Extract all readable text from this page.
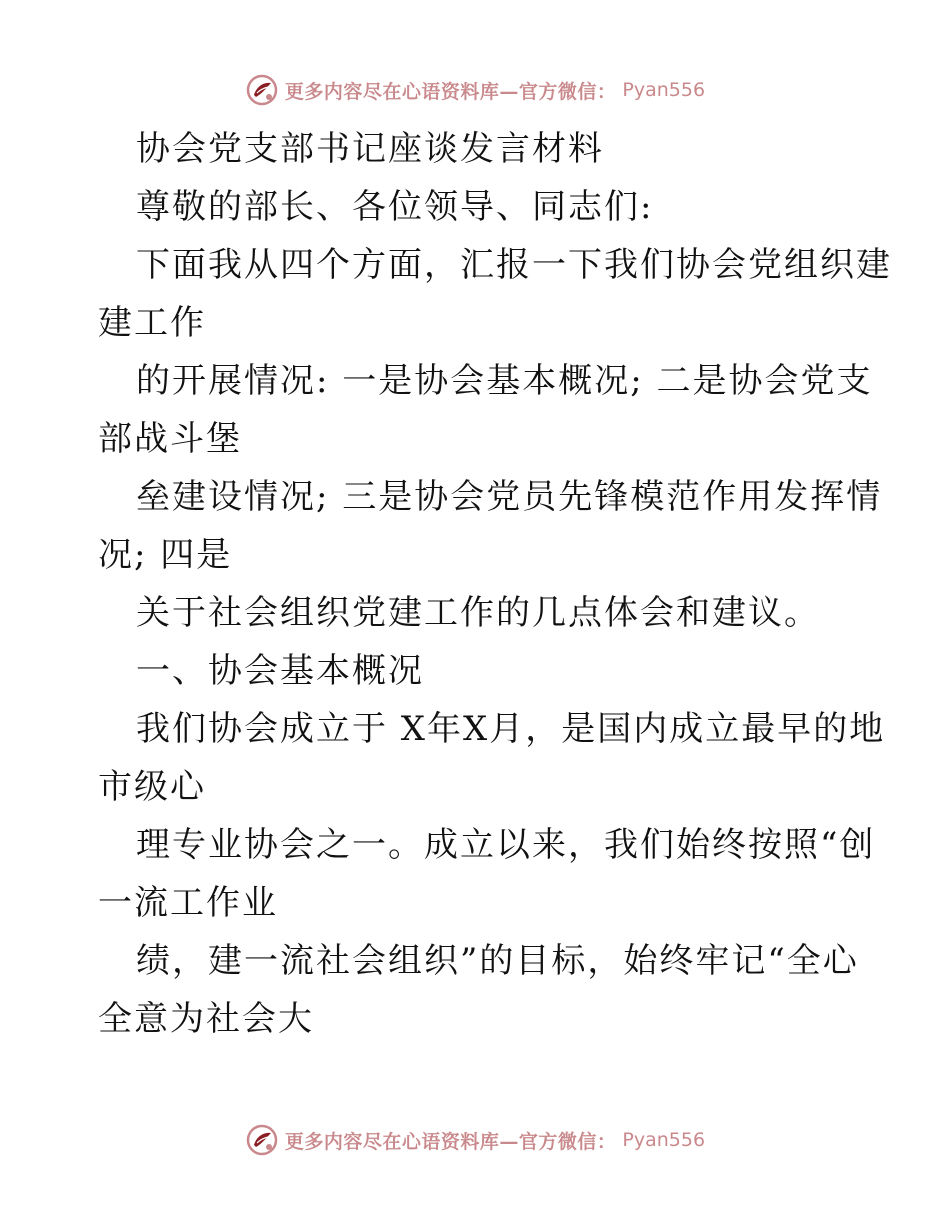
更多内容尽在心语资料库—官方微信： Pyan556
协会党支部书记座谈发言材料
尊敬的部长、各位领导、同志们:
下面我从四个方面，汇报一下我们协会党组织建
建工作
的开展情况: 一是协会基本概况; 二是协会党支
部战斗堡
垒建设情况; 三是协会党员先锋模范作用发挥情
况; 四是
关于社会组织党建工作的几点体会和建议。
一、协会基本概况
我们协会成立于 X年X月，是国内成立最早的地
市级心
理专业协会之一。成立以来，我们始终按照“创
一流工作业
绩，建一流社会组织”的目标，始终牢记“全心
全意为社会大
更多内容尽在心语资料库—官方微信： Pyan556
